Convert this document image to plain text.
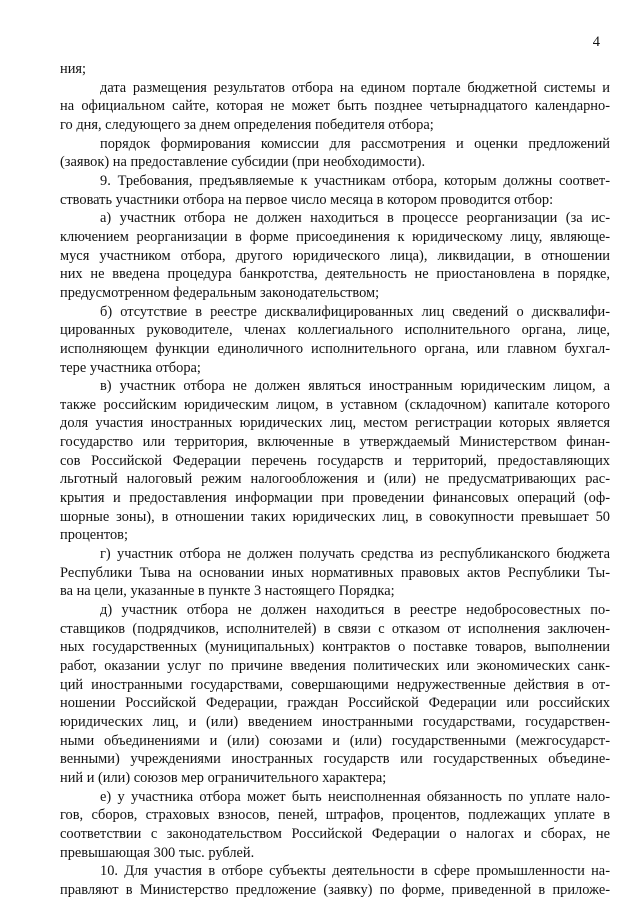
4
ния;
дата размещения результатов отбора на едином портале бюджетной системы и
на официальном сайте, которая не может быть позднее четырнадцатого календарно-
го дня, следующего за днем определения победителя отбора;
порядок формирования комиссии для рассмотрения и оценки предложений
(заявок) на предоставление субсидии (при необходимости).
9. Требования, предъявляемые к участникам отбора, которым должны соответ-
ствовать участники отбора на первое число месяца в котором проводится отбор:
а) участник отбора не должен находиться в процессе реорганизации (за ис-
ключением реорганизации в форме присоединения к юридическому лицу, являюще-
муся участником отбора, другого юридического лица), ликвидации, в отношении
них не введена процедура банкротства, деятельность не приостановлена в порядке,
предусмотренном федеральным законодательством;
б) отсутствие в реестре дисквалифицированных лиц сведений о дисквалифи-
цированных руководителе, членах коллегиального исполнительного органа, лице,
исполняющем функции единоличного исполнительного органа, или главном бухгал-
тере участника отбора;
в) участник отбора не должен являться иностранным юридическим лицом, а
также российским юридическим лицом, в уставном (складочном) капитале которого
доля участия иностранных юридических лиц, местом регистрации которых является
государство или территория, включенные в утверждаемый Министерством финан-
сов Российской Федерации перечень государств и территорий, предоставляющих
льготный налоговый режим налогообложения и (или) не предусматривающих рас-
крытия и предоставления информации при проведении финансовых операций (оф-
шорные зоны), в отношении таких юридических лиц, в совокупности превышает 50
процентов;
г) участник отбора не должен получать средства из республиканского бюджета
Республики Тыва на основании иных нормативных правовых актов Республики Ты-
ва на цели, указанные в пункте 3 настоящего Порядка;
д) участник отбора не должен находиться в реестре недобросовестных по-
ставщиков (подрядчиков, исполнителей) в связи с отказом от исполнения заключен-
ных государственных (муниципальных) контрактов о поставке товаров, выполнении
работ, оказании услуг по причине введения политических или экономических санк-
ций иностранными государствами, совершающими недружественные действия в от-
ношении Российской Федерации, граждан Российской Федерации или российских
юридических лиц, и (или) введением иностранными государствами, государствен-
ными объединениями и (или) союзами и (или) государственными (межгосударст-
венными) учреждениями иностранных государств или государственных объедине-
ний и (или) союзов мер ограничительного характера;
е) у участника отбора может быть неисполненная обязанность по уплате нало-
гов, сборов, страховых взносов, пеней, штрафов, процентов, подлежащих уплате в
соответствии с законодательством Российской Федерации о налогах и сборах, не
превышающая 300 тыс. рублей.
10. Для участия в отборе субъекты деятельности в сфере промышленности на-
правляют в Министерство предложение (заявку) по форме, приведенной в приложе-
